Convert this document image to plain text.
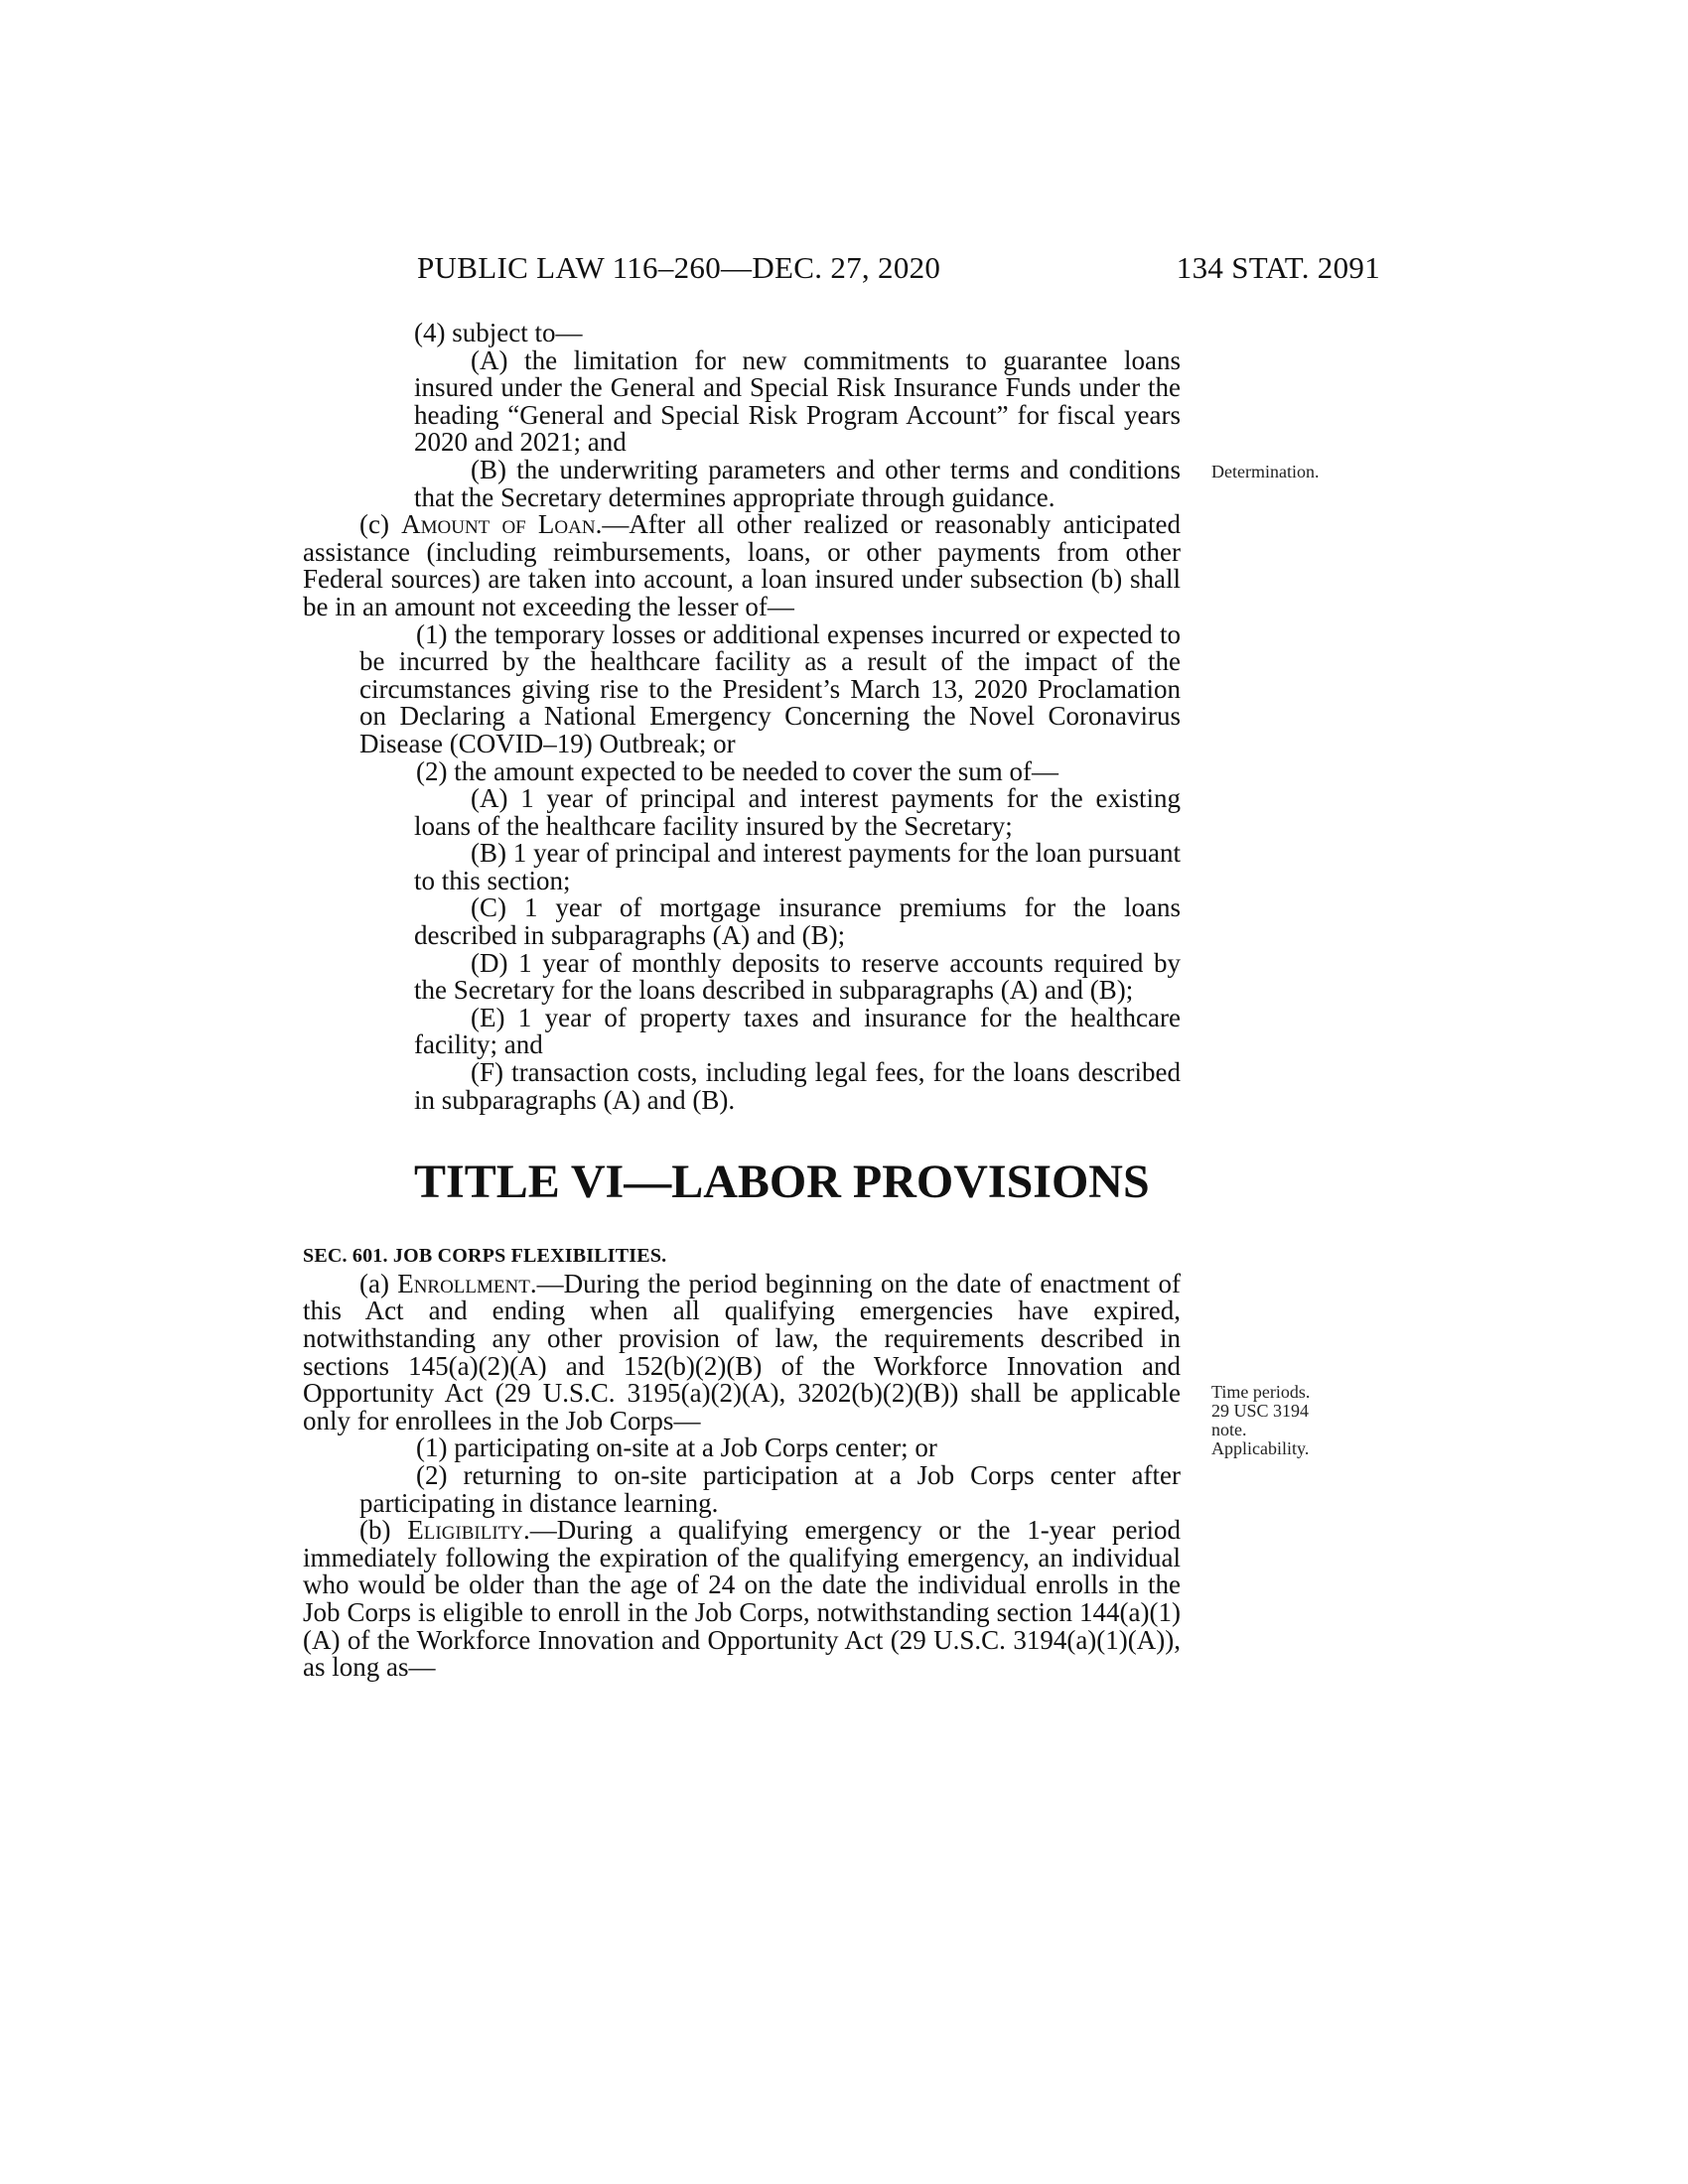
PUBLIC LAW 116–260—DEC. 27, 2020	134 STAT. 2091
Determination.
Time periods.
29 USC 3194
note.
Applicability.

(4) subject to—

(A) the limitation for new commitments to guarantee loans insured under the General and Special Risk Insurance Funds under the heading “General and Special Risk Program Account” for fiscal years 2020 and 2021; and

(B) the underwriting parameters and other terms and conditions that the Secretary determines appropriate through guidance.

(c) Amount of Loan.—After all other realized or reasonably anticipated assistance (including reimbursements, loans, or other payments from other Federal sources) are taken into account, a loan insured under subsection (b) shall be in an amount not exceeding the lesser of—

(1) the temporary losses or additional expenses incurred or expected to be incurred by the healthcare facility as a result of the impact of the circumstances giving rise to the President’s March 13, 2020 Proclamation on Declaring a National Emergency Concerning the Novel Coronavirus Disease (COVID–19) Outbreak; or

(2) the amount expected to be needed to cover the sum of—

(A) 1 year of principal and interest payments for the existing loans of the healthcare facility insured by the Secretary;

(B) 1 year of principal and interest payments for the loan pursuant to this section;

(C) 1 year of mortgage insurance premiums for the loans described in subparagraphs (A) and (B);

(D) 1 year of monthly deposits to reserve accounts required by the Secretary for the loans described in subparagraphs (A) and (B);

(E) 1 year of property taxes and insurance for the healthcare facility; and

(F) transaction costs, including legal fees, for the loans described in subparagraphs (A) and (B).

TITLE VI—LABOR PROVISIONS

SEC. 601. JOB CORPS FLEXIBILITIES.

(a) Enrollment.—During the period beginning on the date of enactment of this Act and ending when all qualifying emergencies have expired, notwithstanding any other provision of law, the requirements described in sections 145(a)(2)(A) and 152(b)(2)(B) of the Workforce Innovation and Opportunity Act (29 U.S.C. 3195(a)(2)(A), 3202(b)(2)(B)) shall be applicable only for enrollees in the Job Corps—

(1) participating on-site at a Job Corps center; or

(2) returning to on-site participation at a Job Corps center after participating in distance learning.

(b) Eligibility.—During a qualifying emergency or the 1-year period immediately following the expiration of the qualifying emergency, an individual who would be older than the age of 24 on the date the individual enrolls in the Job Corps is eligible to enroll in the Job Corps, notwithstanding section 144(a)(1)(A) of the Workforce Innovation and Opportunity Act (29 U.S.C. 3194(a)(1)(A)), as long as—
